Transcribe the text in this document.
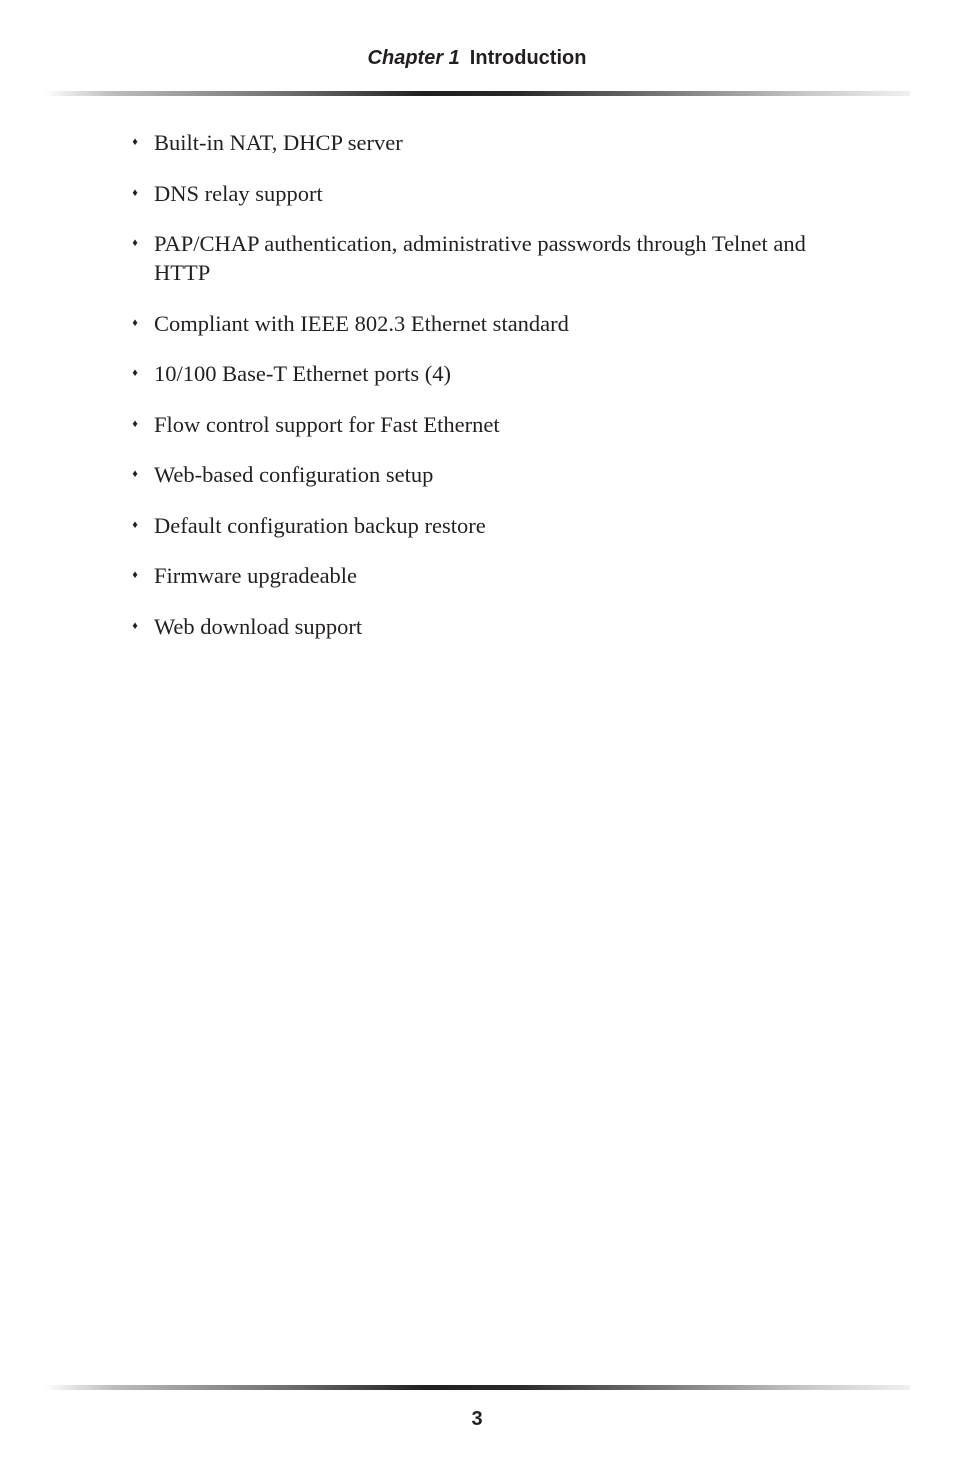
Chapter 1 Introduction
♦ Built-in NAT, DHCP server
♦ DNS relay support
♦ PAP/CHAP authentication, administrative passwords through Telnet and HTTP
♦ Compliant with IEEE 802.3 Ethernet standard
♦ 10/100 Base-T Ethernet ports (4)
♦ Flow control support for Fast Ethernet
♦ Web-based configuration setup
♦ Default configuration backup restore
♦ Firmware upgradeable
♦ Web download support
3
